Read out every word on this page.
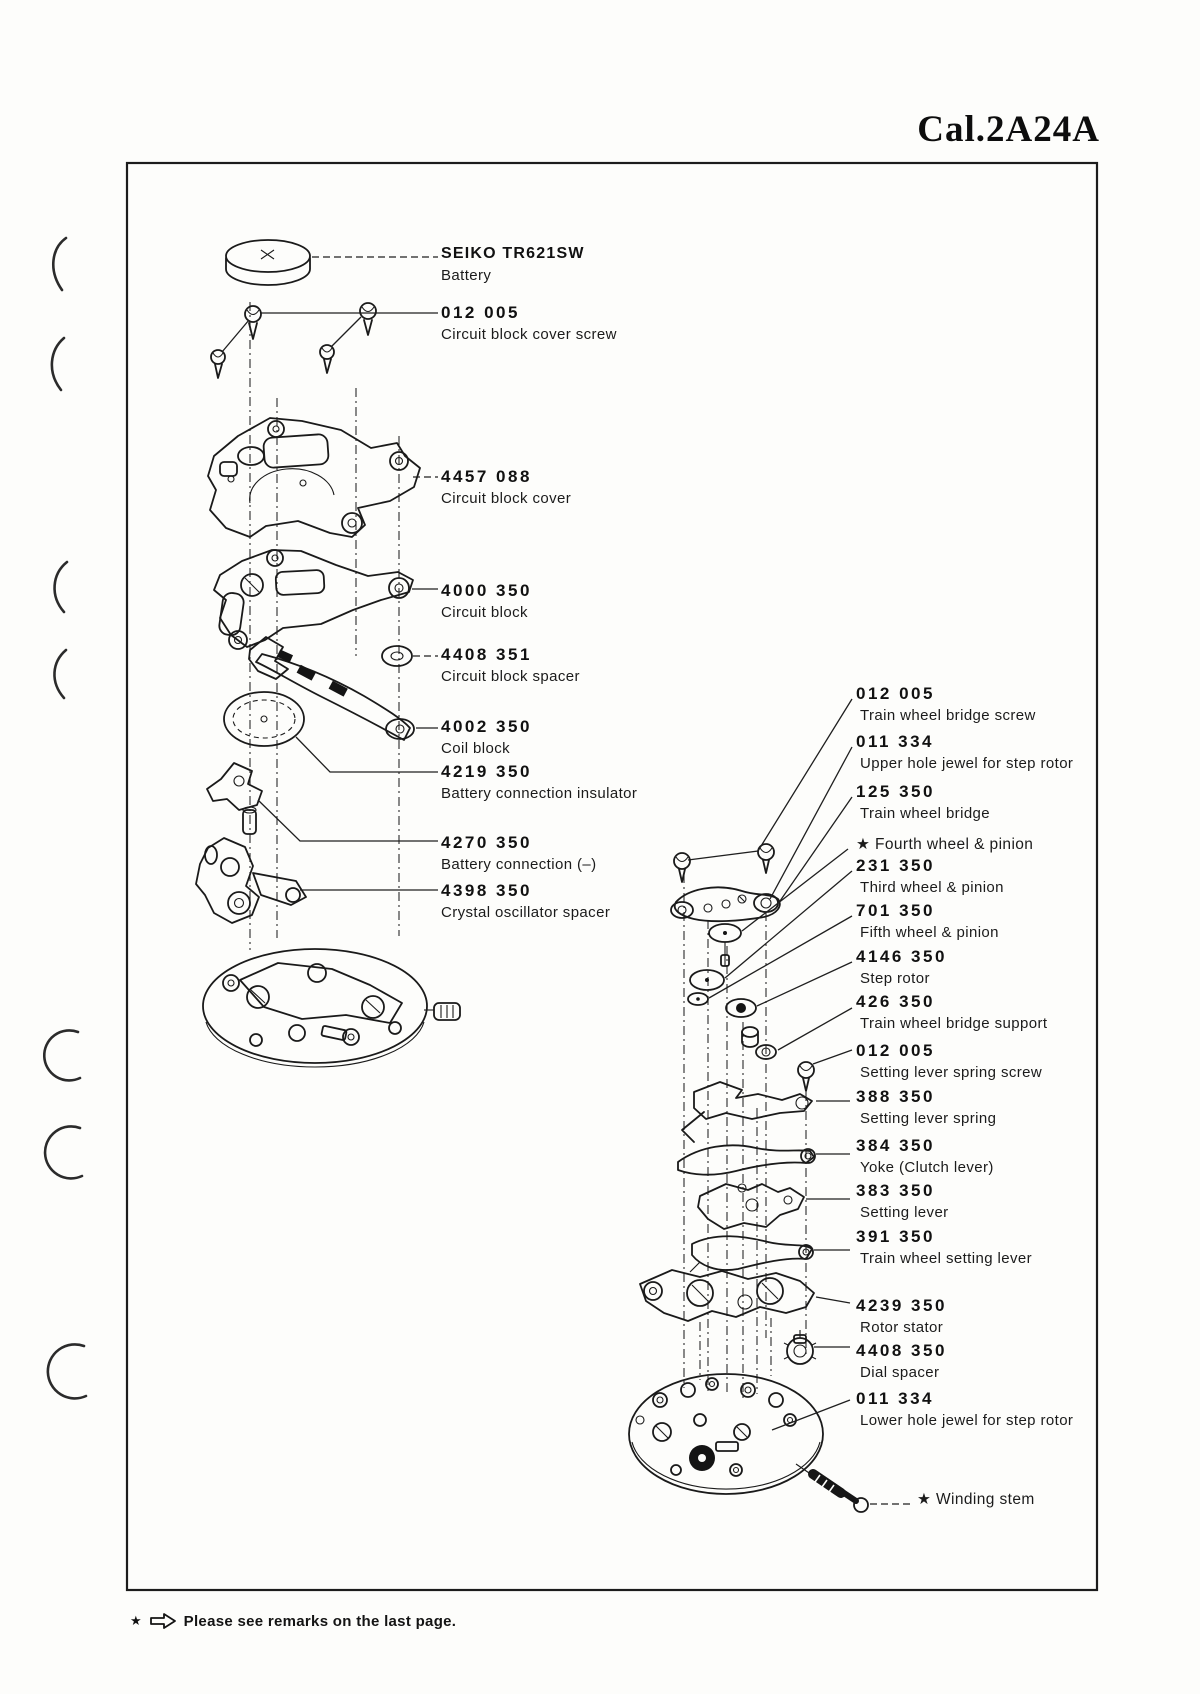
Cal.2A24A
SEIKO TR621SW
Battery
012 005
Circuit block cover screw
4457 088
Circuit block cover
4000 350
Circuit block
4408 351
Circuit block spacer
4002 350
Coil block
4219 350
Battery connection insulator
4270 350
Battery connection (–)
4398 350
Crystal oscillator spacer
012 005
Train wheel bridge screw
011 334
Upper hole jewel for step rotor
125 350
Train wheel bridge
★ Fourth wheel & pinion
231 350
Third wheel & pinion
701 350
Fifth wheel & pinion
4146 350
Step rotor
426 350
Train wheel bridge support
012 005
Setting lever spring screw
388 350
Setting lever spring
384 350
Yoke (Clutch lever)
383 350
Setting lever
391 350
Train wheel setting lever
4239 350
Rotor stator
4408 350
Dial spacer
011 334
Lower hole jewel for step rotor
★ Winding stem
★	Please see remarks on the last page.
